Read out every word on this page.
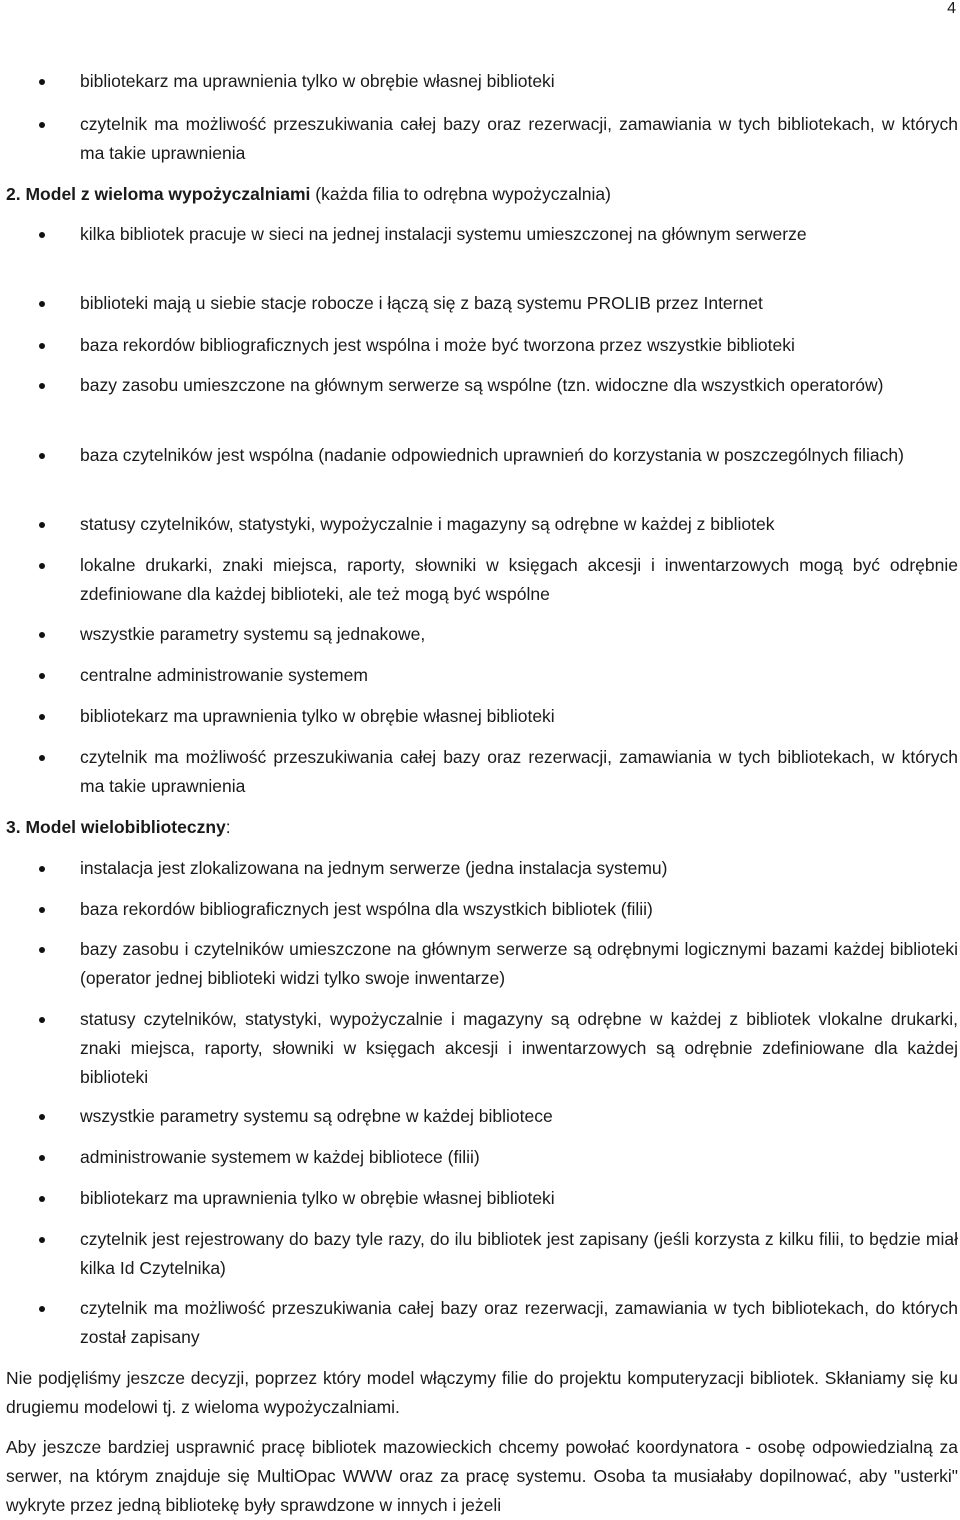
4

bibliotekarz ma uprawnienia tylko w obrębie własnej biblioteki

czytelnik ma możliwość przeszukiwania całej bazy oraz rezerwacji, zamawiania w tych bibliotekach, w których ma takie uprawnienia

2. Model z wieloma wypożyczalniami (każda filia to odrębna wypożyczalnia)

kilka bibliotek pracuje w sieci na jednej instalacji systemu umieszczonej na głównym serwerze

biblioteki mają u siebie stacje robocze i łączą się z bazą systemu PROLIB przez Internet

baza rekordów bibliograficznych jest wspólna i może być tworzona przez wszystkie biblioteki

bazy zasobu umieszczone na głównym serwerze są wspólne (tzn. widoczne dla wszystkich operatorów)

baza czytelników jest wspólna (nadanie odpowiednich uprawnień do korzystania w poszczególnych filiach)

statusy czytelników, statystyki, wypożyczalnie i magazyny są odrębne w każdej z bibliotek

lokalne drukarki, znaki miejsca, raporty, słowniki w księgach akcesji i inwentarzowych mogą być odrębnie zdefiniowane dla każdej biblioteki, ale też mogą być wspólne

wszystkie parametry systemu są jednakowe,

centralne administrowanie systemem

bibliotekarz ma uprawnienia tylko w obrębie własnej biblioteki

czytelnik ma możliwość przeszukiwania całej bazy oraz rezerwacji, zamawiania w tych bibliotekach, w których ma takie uprawnienia

3. Model wielobiblioteczny:

instalacja jest zlokalizowana na jednym serwerze (jedna instalacja systemu)

baza rekordów bibliograficznych jest wspólna dla wszystkich bibliotek (filii)

bazy zasobu i czytelników umieszczone na głównym serwerze są odrębnymi logicznymi bazami każdej biblioteki (operator jednej biblioteki widzi tylko swoje inwentarze)

statusy czytelników, statystyki, wypożyczalnie i magazyny są odrębne w każdej z bibliotek vlokalne drukarki, znaki miejsca, raporty, słowniki w księgach akcesji i inwentarzowych są odrębnie zdefiniowane dla każdej biblioteki

wszystkie parametry systemu są odrębne w każdej bibliotece

administrowanie systemem w każdej bibliotece (filii)

bibliotekarz ma uprawnienia tylko w obrębie własnej biblioteki

czytelnik jest rejestrowany do bazy tyle razy, do ilu bibliotek jest zapisany (jeśli korzysta z kilku filii, to będzie miał kilka Id Czytelnika)

czytelnik ma możliwość przeszukiwania całej bazy oraz rezerwacji, zamawiania w tych bibliotekach, do których został zapisany

Nie podjęliśmy jeszcze decyzji, poprzez który model włączymy filie do projektu komputeryzacji bibliotek. Skłaniamy się ku drugiemu modelowi tj. z wieloma wypożyczalniami.

Aby jeszcze bardziej usprawnić pracę bibliotek mazowieckich chcemy powołać koordynatora - osobę odpowiedzialną za serwer, na którym znajduje się MultiOpac WWW oraz za pracę systemu. Osoba ta musiałaby dopilnować, aby "usterki" wykryte przez jedną bibliotekę były sprawdzone w innych i jeżeli
